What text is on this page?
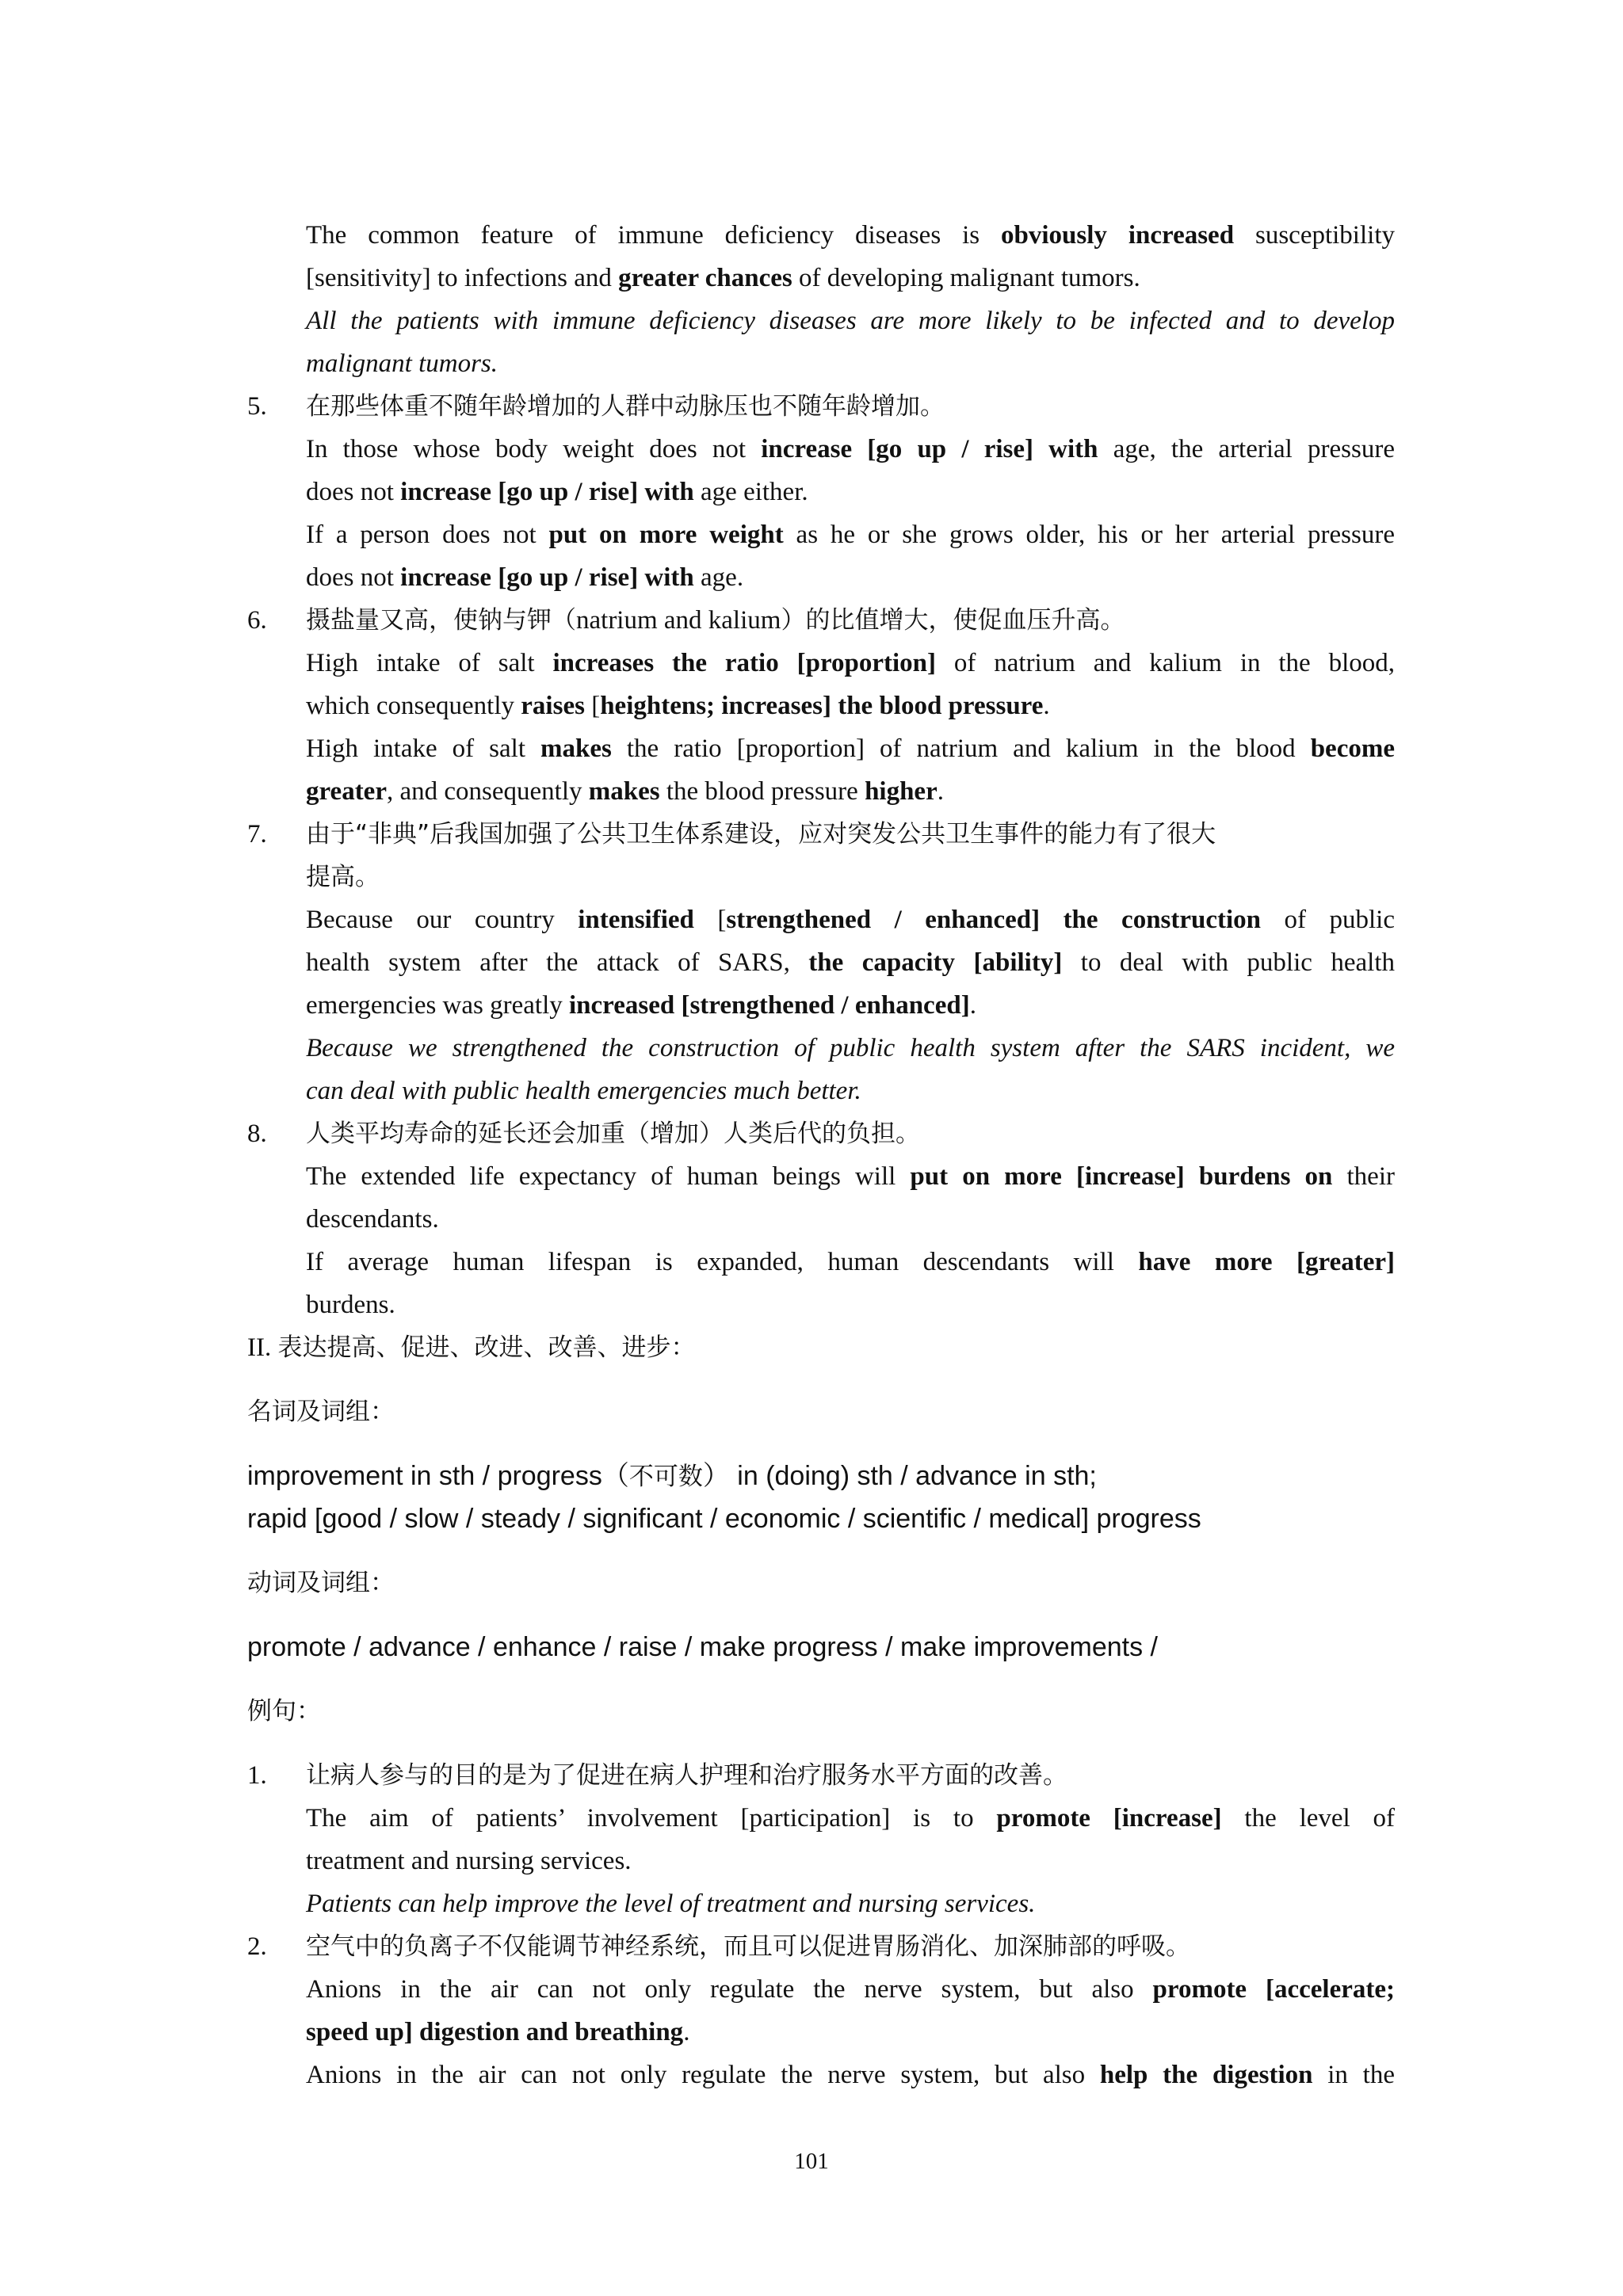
The common feature of immune deficiency diseases is obviously increased susceptibility

[sensitivity] to infections and greater chances of developing malignant tumors.

All the patients with immune deficiency diseases are more likely to be infected and to develop

malignant tumors.

5. 在那些体重不随年龄增加的人群中动脉压也不随年龄增加。

In those whose body weight does not increase [go up / rise] with age, the arterial pressure

does not increase [go up / rise] with age either.

If a person does not put on more weight as he or she grows older, his or her arterial pressure

does not increase [go up / rise] with age.

6. 摄盐量又高，使钠与钾（natrium and kalium）的比值增大，使促血压升高。

High intake of salt increases the ratio [proportion] of natrium and kalium in the blood,

which consequently raises [heightens; increases] the blood pressure.

High intake of salt makes the ratio [proportion] of natrium and kalium in the blood become

greater, and consequently makes the blood pressure higher.

7. 由于“非典”后我国加强了公共卫生体系建设，应对突发公共卫生事件的能力有了很大

提高。

Because our country intensified [strengthened / enhanced] the construction of public

health system after the attack of SARS, the capacity [ability] to deal with public health

emergencies was greatly increased [strengthened / enhanced].

Because we strengthened the construction of public health system after the SARS incident, we

can deal with public health emergencies much better.

8. 人类平均寿命的延长还会加重（增加）人类后代的负担。

The extended life expectancy of human beings will put on more [increase] burdens on their

descendants.

If average human lifespan is expanded, human descendants will have more [greater]

burdens.

II. 表达提高、促进、改进、改善、进步：
名词及词组：
improvement in sth / progress（不可数） in (doing) sth / advance in sth;
rapid [good / slow / steady / significant / economic / scientific / medical] progress
动词及词组：
promote / advance / enhance / raise / make progress / make improvements /
例句：
1. 让病人参与的目的是为了促进在病人护理和治疗服务水平方面的改善。

The aim of patients’ involvement [participation] is to promote [increase] the level of

treatment and nursing services.

Patients can help improve the level of treatment and nursing services.

2. 空气中的负离子不仅能调节神经系统，而且可以促进胃肠消化、加深肺部的呼吸。

Anions in the air can not only regulate the nerve system, but also promote [accelerate;

speed up] digestion and breathing.

Anions in the air can not only regulate the nerve system, but also help the digestion in the

101
